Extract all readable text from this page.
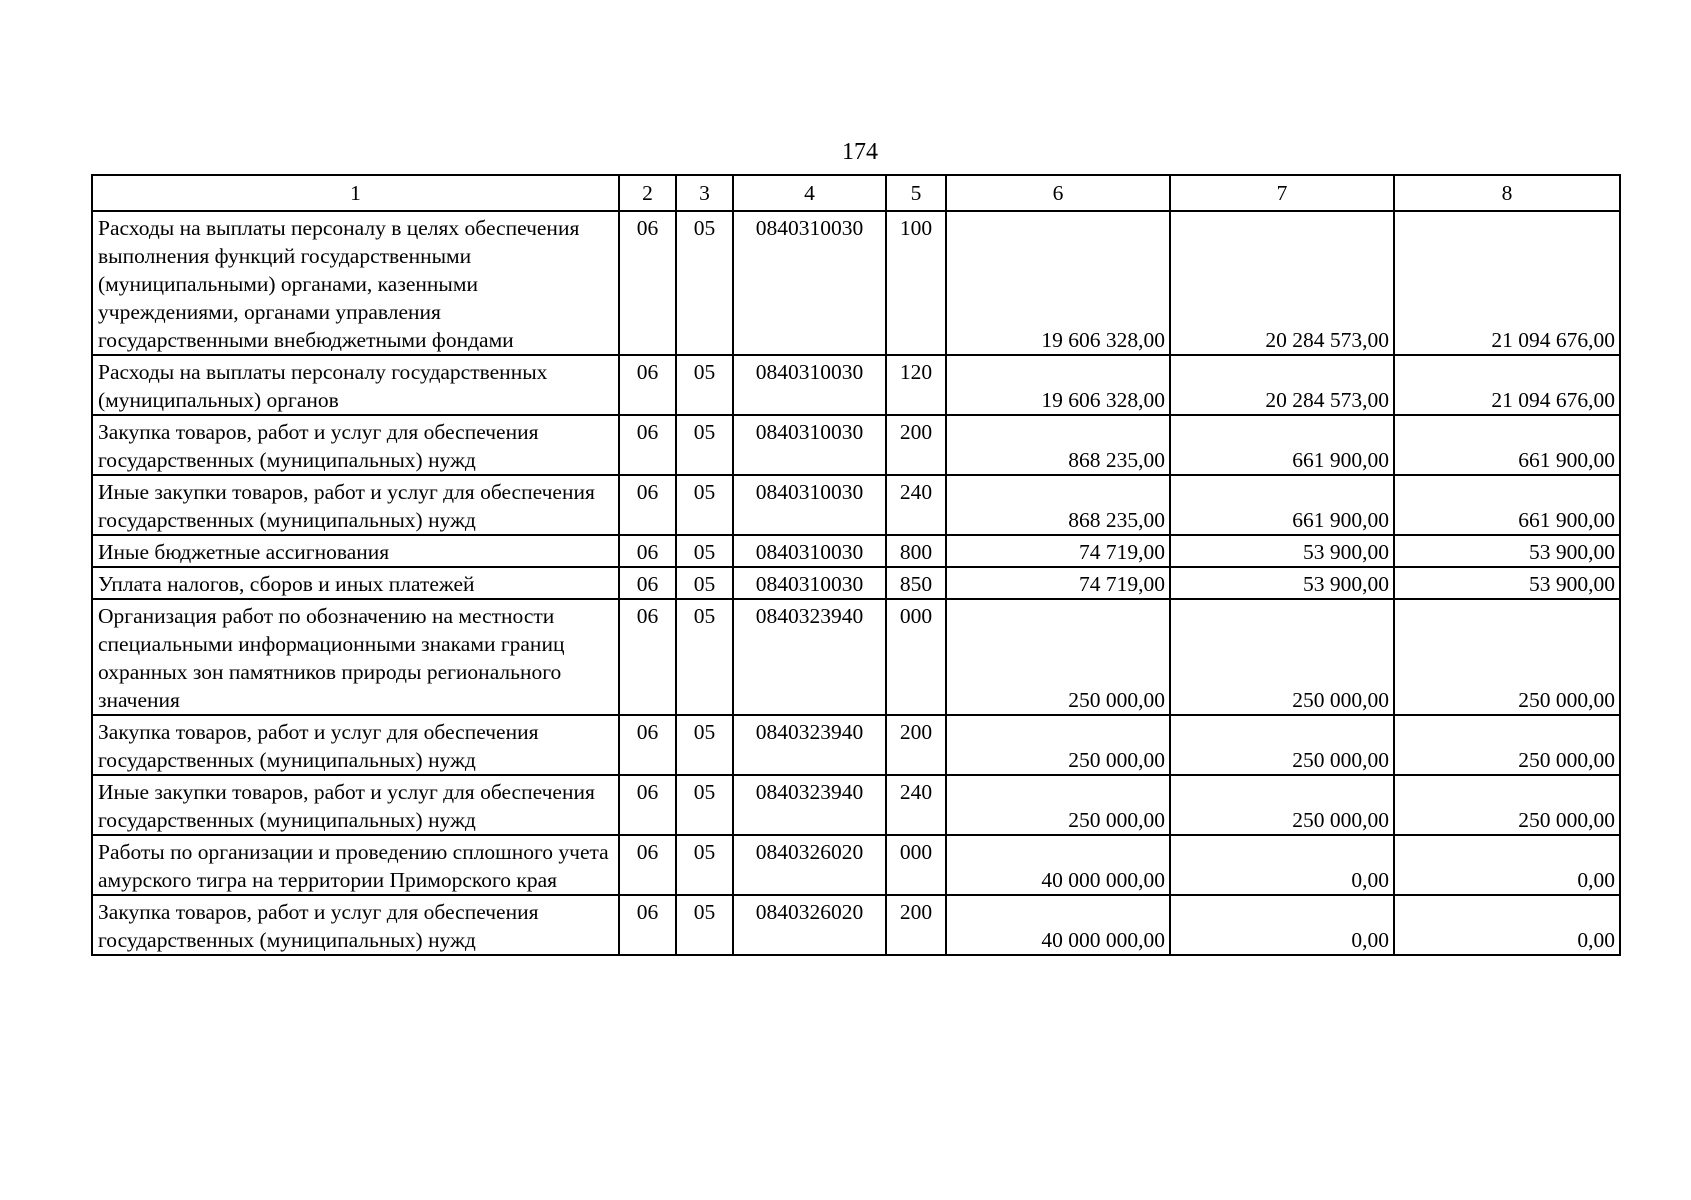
174
1	2	3	4	5	6	7	8
Расходы на выплаты персоналу в целях обеспечения выполнения функций государственными (муниципальными) органами, казенными учреждениями, органами управления государственными внебюджетными фондами	06	05	0840310030	100	19 606 328,00	20 284 573,00	21 094 676,00
Расходы на выплаты персоналу государственных (муниципальных) органов	06	05	0840310030	120	19 606 328,00	20 284 573,00	21 094 676,00
Закупка товаров, работ и услуг для обеспечения государственных (муниципальных) нужд	06	05	0840310030	200	868 235,00	661 900,00	661 900,00
Иные закупки товаров, работ и услуг для обеспечения государственных (муниципальных) нужд	06	05	0840310030	240	868 235,00	661 900,00	661 900,00
Иные бюджетные ассигнования	06	05	0840310030	800	74 719,00	53 900,00	53 900,00
Уплата налогов, сборов и иных платежей	06	05	0840310030	850	74 719,00	53 900,00	53 900,00
Организация работ по обозначению на местности специальными информационными знаками границ охранных зон памятников природы регионального значения	06	05	0840323940	000	250 000,00	250 000,00	250 000,00
Закупка товаров, работ и услуг для обеспечения государственных (муниципальных) нужд	06	05	0840323940	200	250 000,00	250 000,00	250 000,00
Иные закупки товаров, работ и услуг для обеспечения государственных (муниципальных) нужд	06	05	0840323940	240	250 000,00	250 000,00	250 000,00
Работы по организации и проведению сплошного учета амурского тигра на территории Приморского края	06	05	0840326020	000	40 000 000,00	0,00	0,00
Закупка товаров, работ и услуг для обеспечения государственных (муниципальных) нужд	06	05	0840326020	200	40 000 000,00	0,00	0,00
